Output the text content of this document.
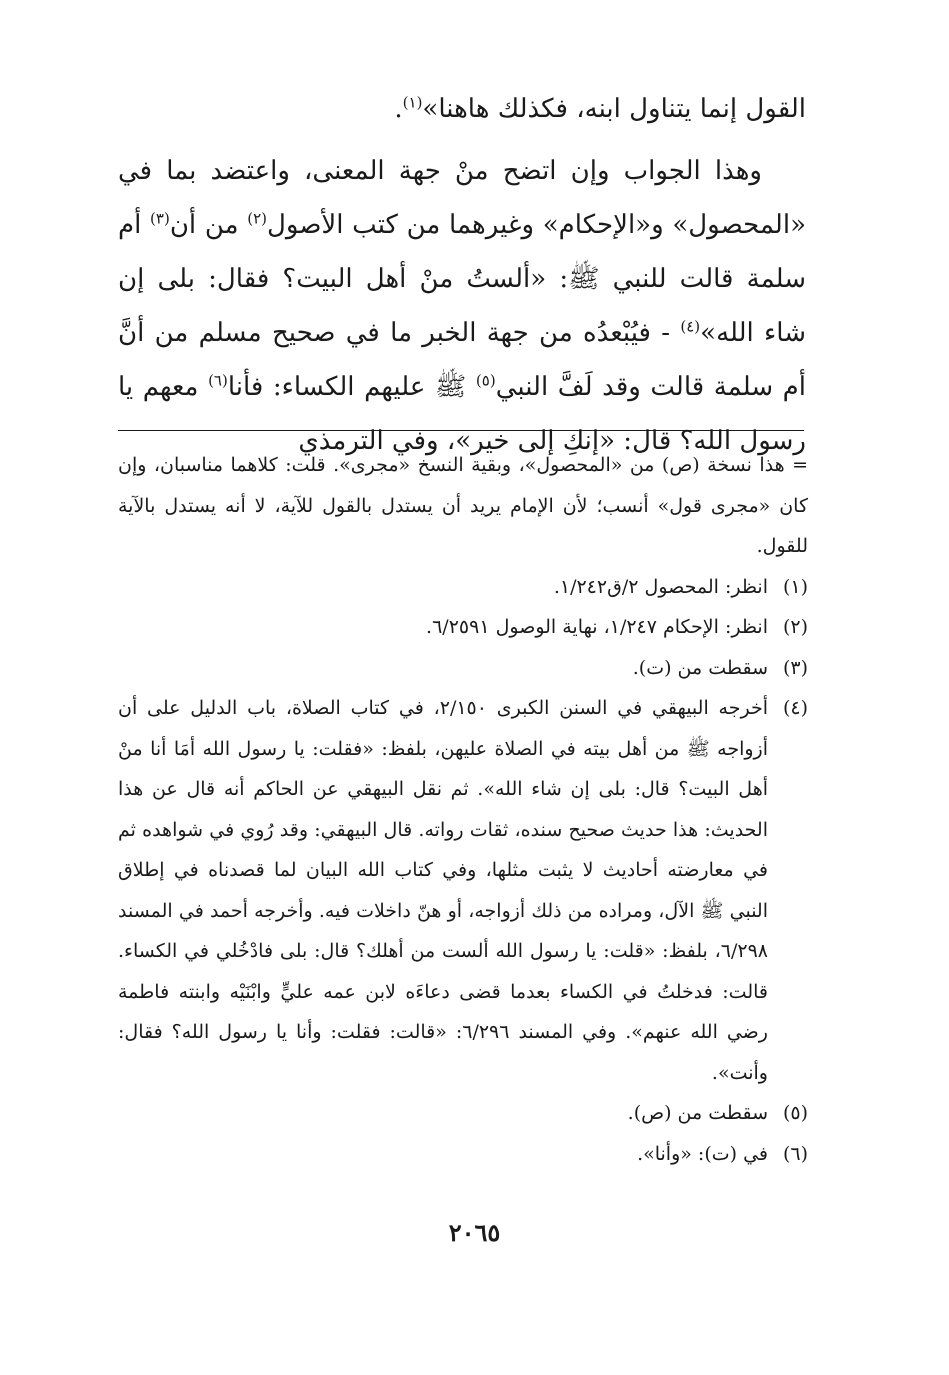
القول إنما يتناول ابنه، فكذلك هاهنا»$^{(١)}$.

وهذا الجواب وإن اتضح منْ جهة المعنى، واعتضد بما في «المحصول» و«الإحكام» وغيرهما من كتب الأصول$^{(٢)}$ من أن$^{(٣)}$ أم سلمة قالت للنبي ﷺ: «ألستُ منْ أهل البيت؟ فقال: بلى إن شاء الله»$^{(٤)}$ - فيُبْعدُه من جهة الخبر ما في صحيح مسلم من أنَّ أم سلمة قالت وقد لَفَّ النبي$^{(٥)}$ ﷺ عليهم الكساء: فأنا$^{(٦)}$ معهم يا رسول الله؟ قال: «إنكِ إلى خير»، وفي الترمذي

= هذا نسخة (ص) من «المحصول»، وبقية النسخ «مجرى». قلت: كلاهما مناسبان، وإن كان «مجرى قول» أنسب؛ لأن الإمام يريد أن يستدل بالقول للآية، لا أنه يستدل بالآية للقول.

(١)انظر: المحصول ٢/ق١/٢٤٢.

(٢)انظر: الإحكام ١/٢٤٧، نهاية الوصول ٦/٢٥٩١.

(٣)سقطت من (ت).

(٤)أخرجه البيهقي في السنن الكبرى ٢/١٥٠، في كتاب الصلاة، باب الدليل على أن أزواجه ﷺ من أهل بيته في الصلاة عليهن، بلفظ: «فقلت: يا رسول الله أمَا أنا منْ أهل البيت؟ قال: بلى إن شاء الله». ثم نقل البيهقي عن الحاكم أنه قال عن هذا الحديث: هذا حديث صحيح سنده، ثقات رواته. قال البيهقي: وقد رُوي في شواهده ثم في معارضته أحاديث لا يثبت مثلها، وفي كتاب الله البيان لما قصدناه في إطلاق النبي ﷺ الآل، ومراده من ذلك أزواجه، أو هنّ داخلات فيه. وأخرجه أحمد في المسند ٦/٢٩٨، بلفظ: «قلت: يا رسول الله ألست من أهلك؟ قال: بلى فادْخُلي في الكساء. قالت: فدخلتُ في الكساء بعدما قضى دعاءَه لابن عمه عليٍّ وابْنَيْه وابنته فاطمة رضي الله عنهم». وفي المسند ٦/٢٩٦: «قالت: فقلت: وأنا يا رسول الله؟ فقال: وأنت».

(٥)سقطت من (ص).

(٦)في (ت): «وأنا».

٢٠٦٥
